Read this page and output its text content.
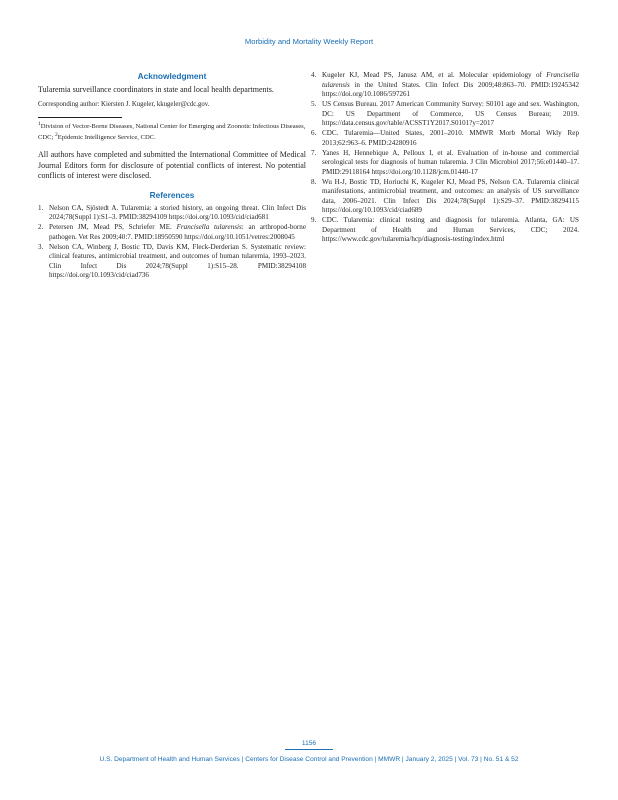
Morbidity and Mortality Weekly Report
Acknowledgment

Tularemia surveillance coordinators in state and local health departments.

Corresponding author: Kiersten J. Kugeler, kkugeler@cdc.gov.

$^1$Division of Vector-Borne Diseases, National Center for Emerging and Zoonotic Infectious Diseases, CDC; $^2$Epidemic Intelligence Service, CDC.

All authors have completed and submitted the International Committee of Medical Journal Editors form for disclosure of potential conflicts of interest. No potential conflicts of interest were disclosed.

References
1. Nelson CA, Sjöstedt A. Tularemia: a storied history, an ongoing threat. Clin Infect Dis 2024;78(Suppl 1):S1–3. PMID:38294109 https://doi.org/10.1093/cid/ciad681
2. Petersen JM, Mead PS, Schriefer ME. Francisella tularensis: an arthropod-borne pathogen. Vet Res 2009;40:7. PMID:18950590 https://doi.org/10.1051/vetres:2008045
3. Nelson CA, Winberg J, Bostic TD, Davis KM, Fleck-Derderian S. Systematic review: clinical features, antimicrobial treatment, and outcomes of human tularemia, 1993–2023. Clin Infect Dis 2024;78(Suppl 1):S15–28. PMID:38294108 https://doi.org/10.1093/cid/ciad736
4. Kugeler KJ, Mead PS, Janusz AM, et al. Molecular epidemiology of Francisella tularensis in the United States. Clin Infect Dis 2009;48:863–70. PMID:19245342 https://doi.org/10.1086/597261
5. US Census Bureau. 2017 American Community Survey: S0101 age and sex. Washington, DC: US Department of Commerce, US Census Bureau; 2019. https://data.census.gov/table/ACSST1Y2017.S0101?y=2017
6. CDC. Tularemia—United States, 2001–2010. MMWR Morb Mortal Wkly Rep 2013;62:963–6. PMID:24280916
7. Yanes H, Hennebique A, Pelloux I, et al. Evaluation of in-house and commercial serological tests for diagnosis of human tularemia. J Clin Microbiol 2017;56:e01440–17. PMID:29118164 https://doi.org/10.1128/jcm.01440-17
8. Wu H-J, Bostic TD, Horiuchi K, Kugeler KJ, Mead PS, Nelson CA. Tularemia clinical manifestations, antimicrobial treatment, and outcomes: an analysis of US surveillance data, 2006–2021. Clin Infect Dis 2024;78(Suppl 1):S29–37. PMID:38294115 https://doi.org/10.1093/cid/ciad689
9. CDC. Tularemia: clinical testing and diagnosis for tularemia. Atlanta, GA: US Department of Health and Human Services, CDC; 2024. https://www.cdc.gov/tularemia/hcp/diagnosis-testing/index.html
1156
U.S. Department of Health and Human Services | Centers for Disease Control and Prevention | MMWR | January 2, 2025 | Vol. 73 | No. 51 & 52
